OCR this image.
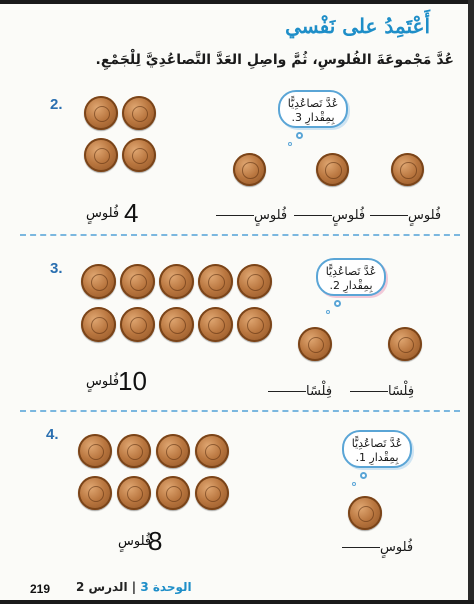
أَعْتَمِدُ على نَفْسي
عُدَّ مَجْموعَةَ الفُلوسِ، ثُمَّ واصِلِ العَدَّ التَّصاعُدِيَّ لِلْجَمْعِ.
2.	عُدَّ تَصاعُدِيًّا
بِمِقْدارِ 3.
4
فُلوسٍ	فُلوسٍ	فُلوسٍ	فُلوسٍ
3.	عُدَّ تَصاعُدِيًّا
بِمِقْدارِ 2.
10
فُلوسٍ
فِلْسًا	فِلْسًا
4.
عُدَّ تَصاعُدِيًّا
بِمِقْدارِ 1.
8
فُلوسٍ	فُلوسٍ
219	الوحدة 3 | الدرس 2
